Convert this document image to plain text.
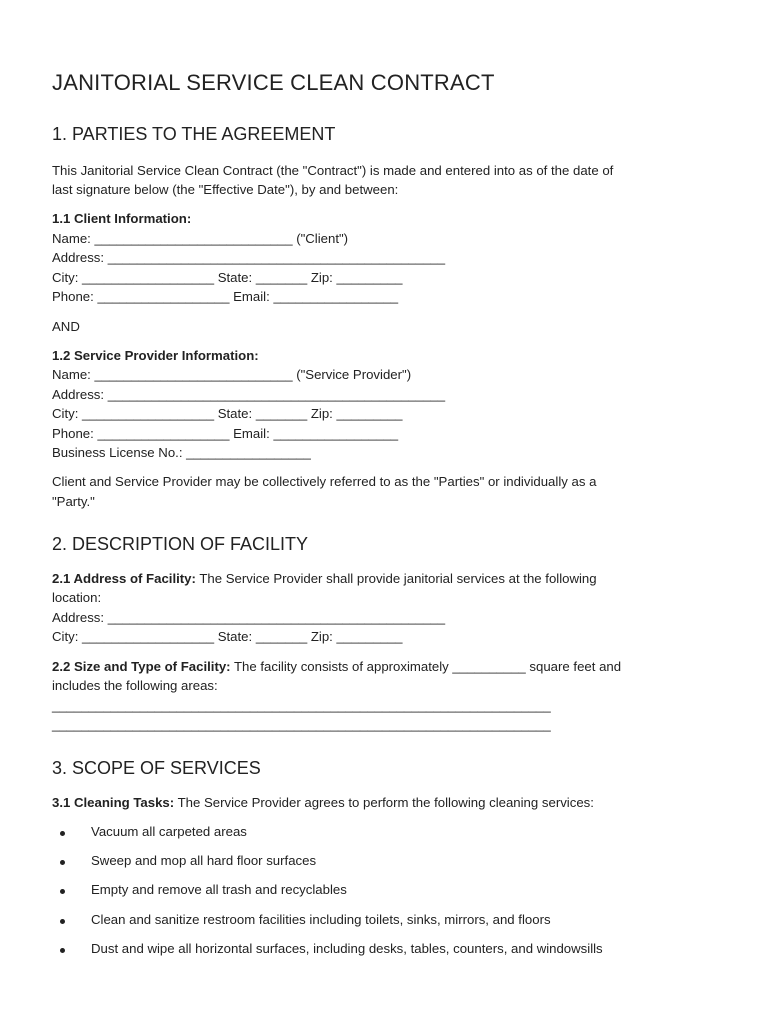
JANITORIAL SERVICE CLEAN CONTRACT
1. PARTIES TO THE AGREEMENT

This Janitorial Service Clean Contract (the "Contract") is made and entered into as of the date of

last signature below (the "Effective Date"), by and between:

1.1 Client Information:

Name: ___________________________ ("Client")

Address: ______________________________________________

City: __________________ State: _______ Zip: _________

Phone: __________________ Email: _________________

AND

1.2 Service Provider Information:

Name: ___________________________ ("Service Provider")

Address: ______________________________________________

City: __________________ State: _______ Zip: _________

Phone: __________________ Email: _________________

Business License No.: _________________

Client and Service Provider may be collectively referred to as the "Parties" or individually as a

"Party."

2. DESCRIPTION OF FACILITY

2.1 Address of Facility: The Service Provider shall provide janitorial services at the following

location:

Address: ______________________________________________

City: __________________ State: _______ Zip: _________

2.2 Size and Type of Facility: The facility consists of approximately __________ square feet and

includes the following areas:

____________________________________________________________________

____________________________________________________________________

3. SCOPE OF SERVICES

3.1 Cleaning Tasks: The Service Provider agrees to perform the following cleaning services:

Vacuum all carpeted areas

Sweep and mop all hard floor surfaces

Empty and remove all trash and recyclables

Clean and sanitize restroom facilities including toilets, sinks, mirrors, and floors

Dust and wipe all horizontal surfaces, including desks, tables, counters, and windowsills
